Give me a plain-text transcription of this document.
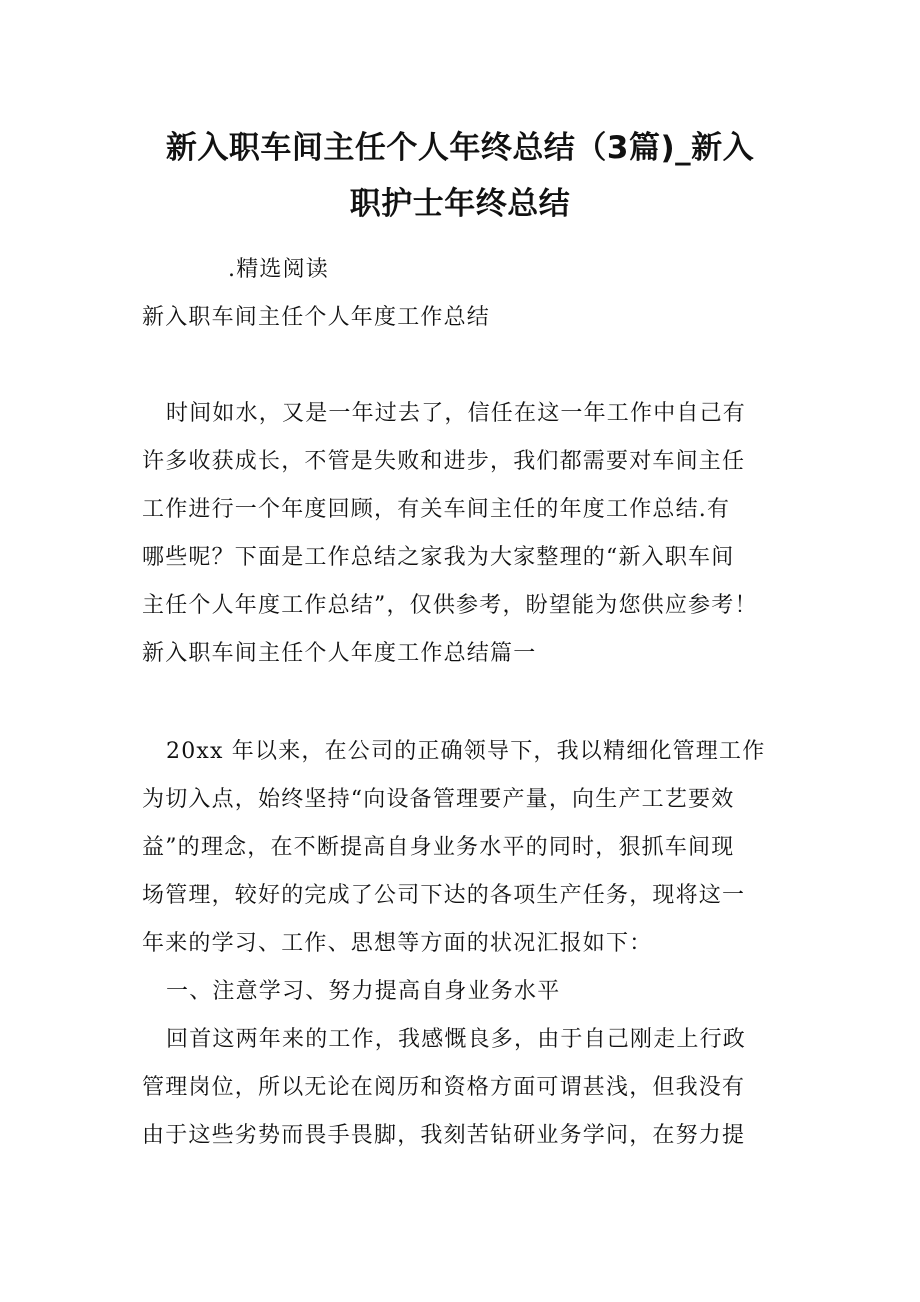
新入职车间主任个人年终总结（3篇)_新入
职护士年终总结
.精选阅读
新入职车间主任个人年度工作总结
时间如水，又是一年过去了，信任在这一年工作中自己有
许多收获成长，不管是失败和进步，我们都需要对车间主任
工作进行一个年度回顾，有关车间主任的年度工作总结.有
哪些呢？下面是工作总结之家我为大家整理的“新入职车间
主任个人年度工作总结”，仅供参考，盼望能为您供应参考！
新入职车间主任个人年度工作总结篇一
20xx 年以来，在公司的正确领导下，我以精细化管理工作
为切入点，始终坚持“向设备管理要产量，向生产工艺要效
益”的理念，在不断提高自身业务水平的同时，狠抓车间现
场管理，较好的完成了公司下达的各项生产任务，现将这一
年来的学习、工作、思想等方面的状况汇报如下：
一、注意学习、努力提高自身业务水平
回首这两年来的工作，我感慨良多，由于自己刚走上行政
管理岗位，所以无论在阅历和资格方面可谓甚浅，但我没有
由于这些劣势而畏手畏脚，我刻苦钻研业务学问，在努力提
